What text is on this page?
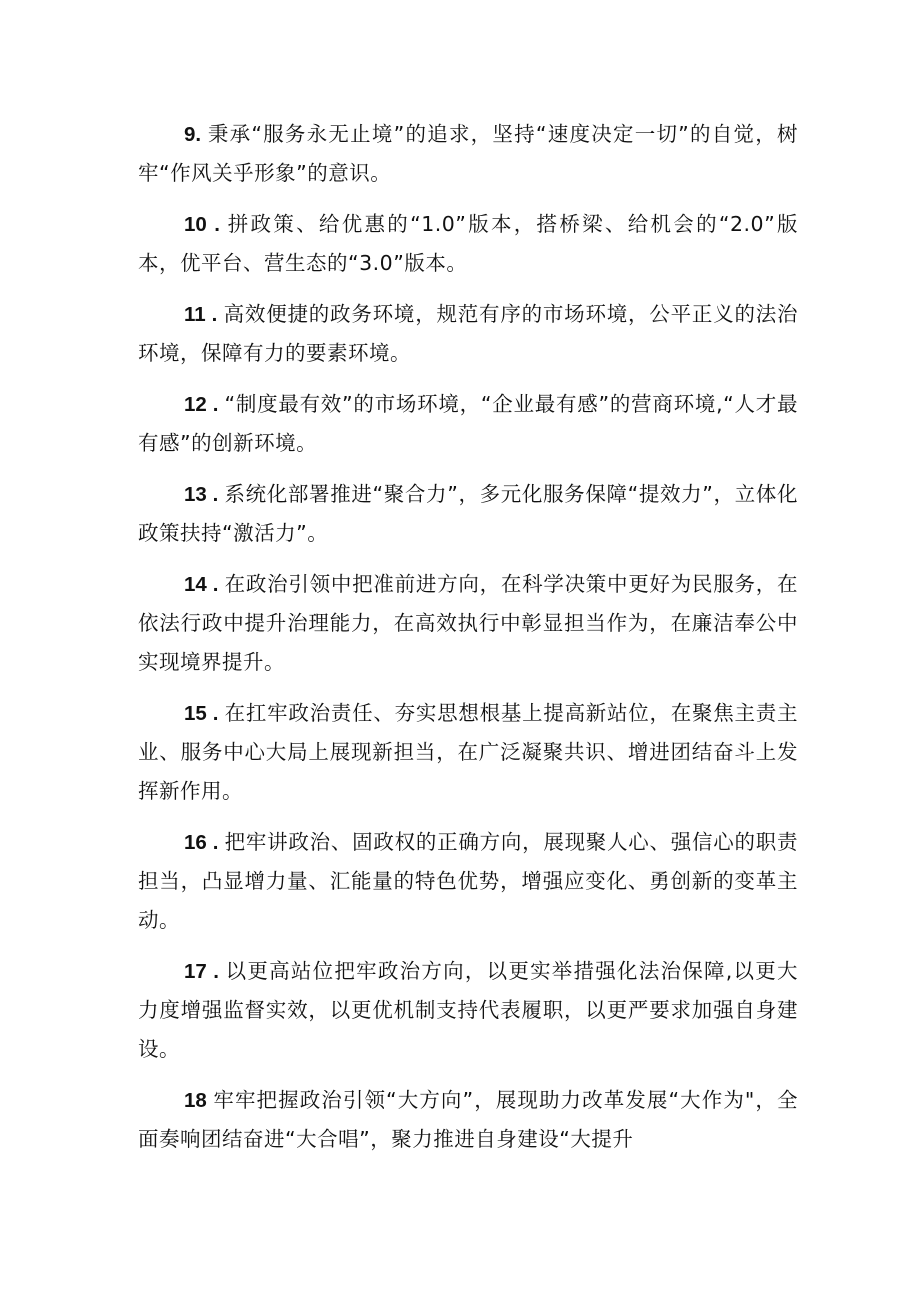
9. 秉承“服务永无止境”的追求，坚持“速度决定一切”的自觉，树牢“作风关乎形象”的意识。

10 . 拼政策、给优惠的“1.0”版本，搭桥梁、给机会的“2.0”版本，优平台、营生态的“3.0”版本。

11 . 高效便捷的政务环境，规范有序的市场环境，公平正义的法治环境，保障有力的要素环境。

12 . “制度最有效”的市场环境，“企业最有感”的营商环境,“人才最有感”的创新环境。

13 . 系统化部署推进“聚合力”，多元化服务保障“提效力”，立体化政策扶持“激活力”。

14 . 在政治引领中把准前进方向，在科学决策中更好为民服务，在依法行政中提升治理能力，在高效执行中彰显担当作为，在廉洁奉公中实现境界提升。

15 . 在扛牢政治责任、夯实思想根基上提高新站位，在聚焦主责主业、服务中心大局上展现新担当，在广泛凝聚共识、增进团结奋斗上发挥新作用。

16 . 把牢讲政治、固政权的正确方向，展现聚人心、强信心的职责担当，凸显增力量、汇能量的特色优势，增强应变化、勇创新的变革主动。

17 . 以更高站位把牢政治方向，以更实举措强化法治保障,以更大力度增强监督实效，以更优机制支持代表履职，以更严要求加强自身建设。

18 牢牢把握政治引领“大方向”，展现助力改革发展“大作为"，全面奏响团结奋进“大合唱”，聚力推进自身建设“大提升
